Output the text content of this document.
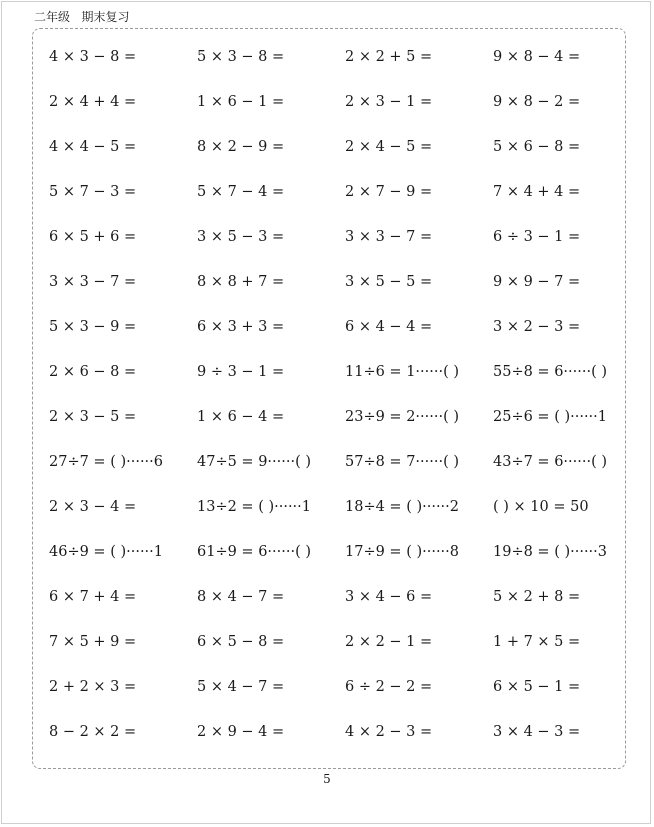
二年级   期末复习
4 × 3 − 8 =	5 × 3 − 8 =	2 × 2 + 5 =	9 × 8 − 4 =
2 × 4 + 4 =	1 × 6 − 1 =	2 × 3 − 1 =	9 × 8 − 2 =
4 × 4 − 5 =	8 × 2 − 9 =	2 × 4 − 5 =	5 × 6 − 8 =
5 × 7 − 3 =	5 × 7 − 4 =	2 × 7 − 9 =	7 × 4 + 4 =
6 × 5 + 6 =	3 × 5 − 3 =	3 × 3 − 7 =	6 ÷ 3 − 1 =
3 × 3 − 7 =	8 × 8 + 7 =	3 × 5 − 5 =	9 × 9 − 7 =
5 × 3 − 9 =	6 × 3 + 3 =	6 × 4 − 4 =	3 × 2 − 3 =
2 × 6 − 8 =	9 ÷ 3 − 1 =	11÷6 = 1······( )	55÷8 = 6······( )
2 × 3 − 5 =	1 × 6 − 4 =	23÷9 = 2······( )	25÷6 = ( )······1
27÷7 = ( )······6	47÷5 = 9······( )	57÷8 = 7······( )	43÷7 = 6······( )
2 × 3 − 4 =	13÷2 = ( )······1	18÷4 = ( )······2	( ) × 10 = 50
46÷9 = ( )······1	61÷9 = 6······( )	17÷9 = ( )······8	19÷8 = ( )······3
6 × 7 + 4 =	8 × 4 − 7 =	3 × 4 − 6 =	5 × 2 + 8 =
7 × 5 + 9 =	6 × 5 − 8 =	2 × 2 − 1 =	1 + 7 × 5 =
2 + 2 × 3 =	5 × 4 − 7 =	6 ÷ 2 − 2 =	6 × 5 − 1 =
8 − 2 × 2 =	2 × 9 − 4 =	4 × 2 − 3 =	3 × 4 − 3 =
5
